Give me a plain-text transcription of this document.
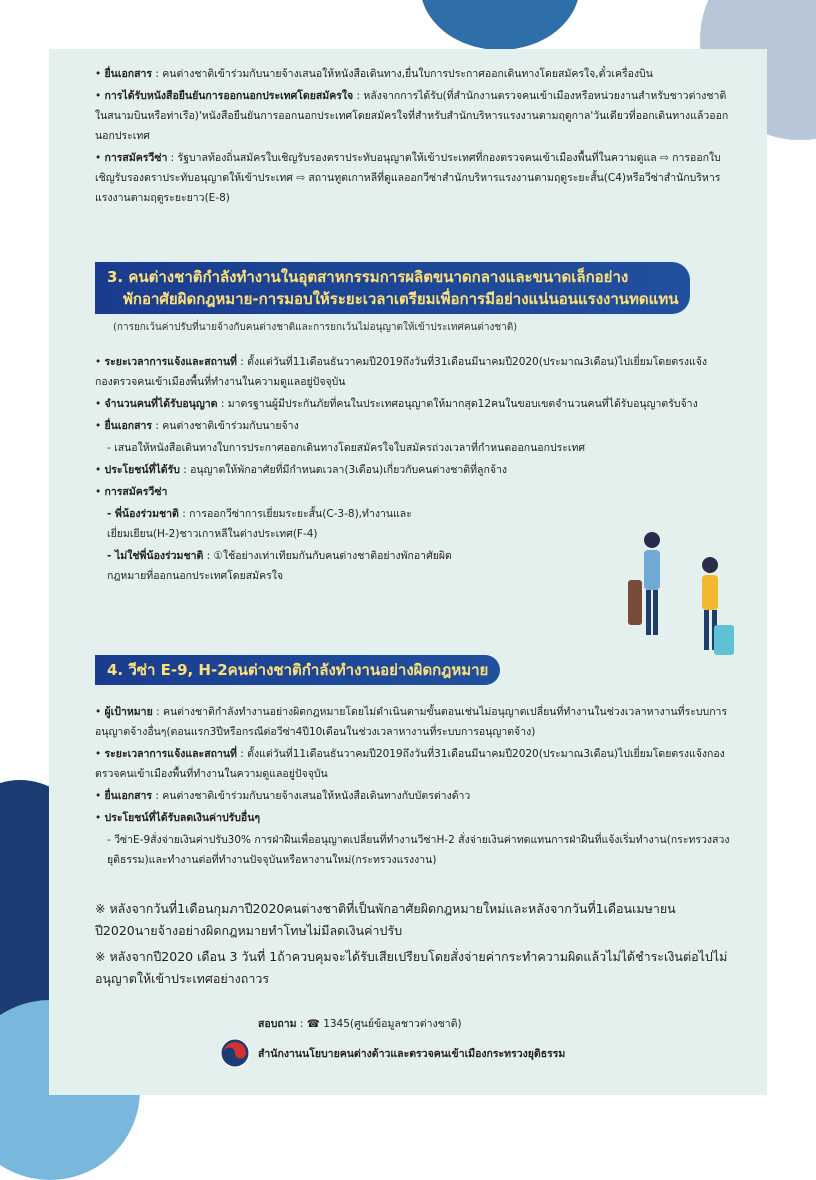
• ยื่นเอกสาร : คนต่างชาติเข้าร่วมกับนายจ้างเสนอให้หนังสือเดินทาง,ยื่นใบการประกาศออกเดินทางโดยสมัครใจ,ตั๋วเครื่องบิน
• การได้รับหนังสือยืนยันการออกนอกประเทศโดยสมัครใจ : หลังจากการได้รับ(ที่สำนักงานตรวจคนเข้าเมืองหรือหน่วยงานสำหรับชาวต่างชาติในสนามบินหรือท่าเรือ)'หนังสือยืนยันการออกนอกประเทศโดยสมัครใจที่สำหรับสำนักบริหารแรงงานตามฤดูกาล'วันเดียวที่ออกเดินทางแล้วออกนอกประเทศ
• การสมัครวีซ่า : รัฐบาลท้องถิ่นสมัครใบเชิญรับรองตราประทับอนุญาตให้เข้าประเทศที่กองตรวจคนเข้าเมืองพื้นที่ในความดูแล ⇨ การออกใบเชิญรับรองตราประทับอนุญาตให้เข้าประเทศ ⇨ สถานทูตเกาหลีที่ดูแลออกวีซ่าสำนักบริหารแรงงานตามฤดูระยะสั้น(C4)หรือวีซ่าสำนักบริหารแรงงานตามฤดูระยะยาว(E-8)
3. คนต่างชาติกำลังทำงานในอุตสาหกรรมการผลิตขนาดกลางและขนาดเล็กอย่าง
พักอาศัยผิดกฎหมาย-การมอบให้ระยะเวลาเตรียมเพื่อการมีอย่างแน่นอนแรงงานทดแทน
(การยกเว้นค่าปรับที่นายจ้างกับคนต่างชาติและการยกเว้นไม่อนุญาตให้เข้าประเทศคนต่างชาติ)
• ระยะเวลาการแจ้งและสถานที่ : ตั้งแต่วันที่11เดือนธันวาคมปี2019ถึงวันที่31เดือนมีนาคมปี2020(ประมาณ3เดือน)ไปเยี่ยมโดยตรงแจ้งกองตรวจคนเข้าเมืองพื้นที่ทำงานในความดูแลอยู่ปัจจุบัน
• จำนวนคนที่ได้รับอนุญาต : มาตรฐานผู้มีประกันภัยที่คนในประเทศอนุญาตให้มากสุด12คนในขอบเขตจำนวนคนที่ได้รับอนุญาตรับจ้าง
• ยื่นเอกสาร : คนต่างชาติเข้าร่วมกับนายจ้าง
- เสนอให้หนังสือเดินทางใบการประกาศออกเดินทางโดยสมัครใจใบสมัครถ่วงเวลาที่กำหนดออกนอกประเทศ
• ประโยชน์ที่ได้รับ : อนุญาตให้พักอาศัยที่มีกำหนดเวลา(3เดือน)เกี่ยวกับคนต่างชาติที่ลูกจ้าง
• การสมัครวีซ่า
- พี่น้องร่วมชาติ : การออกวีซ่าการเยี่ยมระยะสั้น(C-3-8),ทำงานและเยี่ยมเยียน(H-2)ชาวเกาหลีในต่างประเทศ(F-4)
- ไม่ใช่พี่น้องร่วมชาติ : ①ใช้อย่างเท่าเทียมกันกับคนต่างชาติอย่างพักอาศัยผิดกฎหมายที่ออกนอกประเทศโดยสมัครใจ
4. วีซ่า E-9, H-2คนต่างชาติกำลังทำงานอย่างผิดกฎหมาย
• ผู้เป้าหมาย : คนต่างชาติกำลังทำงานอย่างผิดกฎหมายโดยไม่ดำเนินตามขั้นตอนเช่นไม่อนุญาตเปลี่ยนที่ทำงานในช่วงเวลาหางานที่ระบบการอนุญาตจ้างอื่นๆ(ตอนแรก3ปีหรือกรณีต่อวีซ่า4ปี10เดือนในช่วงเวลาหางานที่ระบบการอนุญาตจ้าง)
• ระยะเวลาการแจ้งและสถานที่ : ตั้งแต่วันที่11เดือนธันวาคมปี2019ถึงวันที่31เดือนมีนาคมปี2020(ประมาณ3เดือน)ไปเยี่ยมโดยตรงแจ้งกองตรวจคนเข้าเมืองพื้นที่ทำงานในความดูแลอยู่ปัจจุบัน
• ยื่นเอกสาร : คนต่างชาติเข้าร่วมกับนายจ้างเสนอให้หนังสือเดินทางกับบัตรต่างด้าว
• ประโยชน์ที่ได้รับลดเงินค่าปรับอื่นๆ
- วีซ่าE-9สั่งจ่ายเงินค่าปรับ30% การฝ่าฝืนเพื่ออนุญาตเปลี่ยนที่ทำงานวีซ่าH-2 สั่งจ่ายเงินค่าทดแทนการฝ่าฝืนที่แจ้งเริ่มทำงาน(กระทรวงสวงยุติธรรม)และทำงานต่อที่ทำงานปัจจุบันหรือหางานใหม่(กระทรวงแรงงาน)
※ หลังจากวันที่1เดือนกุมภาปี2020คนต่างชาติที่เป็นพักอาศัยผิดกฎหมายใหม่และหลังจากวันที่1เดือนเมษายนปี2020นายจ้างอย่างผิดกฎหมายทำโทษไม่มีลดเงินค่าปรับ
※ หลังจากปี2020 เดือน 3 วันที่ 1ถ้าควบคุมจะได้รับเสียเปรียบโดยสั่งจ่ายค่ากระทำความผิดแล้วไม่ได้ชำระเงินต่อไปไม่อนุญาตให้เข้าประเทศอย่างถาวร
สอบถาม : ☎ 1345(ศูนย์ข้อมูลชาวต่างชาติ)
สำนักงานนโยบายคนต่างด้าวและตรวจคนเข้าเมืองกระทรวงยุติธรรม
